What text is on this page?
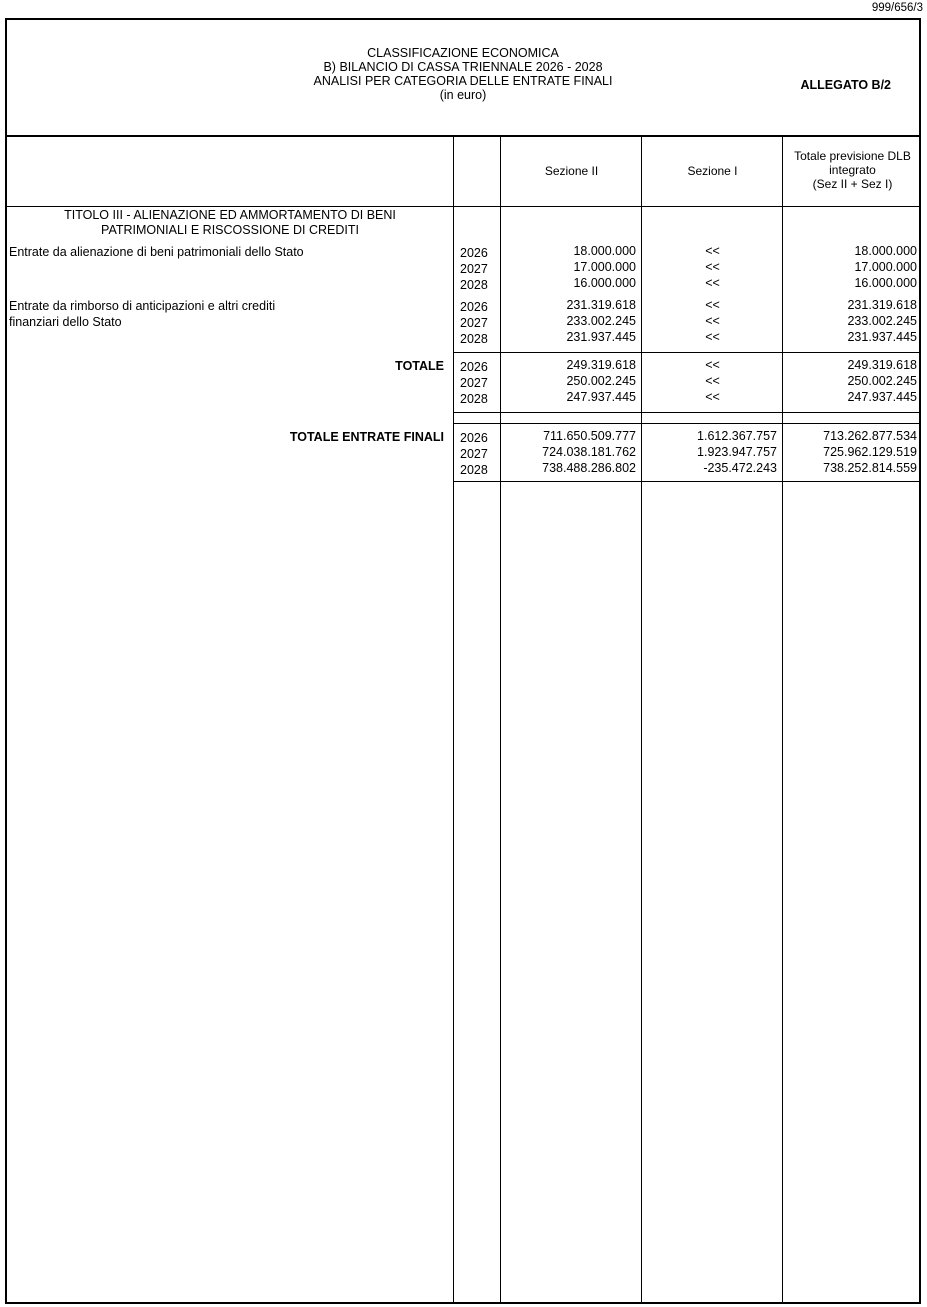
999/656/3
CLASSIFICAZIONE ECONOMICA
B) BILANCIO DI CASSA TRIENNALE 2026 - 2028
ANALISI PER CATEGORIA DELLE ENTRATE FINALI
(in euro)
ALLEGATO B/2
Sezione II	Sezione I
Totale previsione DLB
integrato
(Sez II + Sez I)
TITOLO III - ALIENAZIONE ED AMMORTAMENTO DI BENI
PATRIMONIALI E RISCOSSIONE DI CREDITI
Entrate da alienazione di beni patrimoniali dello Stato	2026
2027
2028
18.000.000
17.000.000
16.000.000
<<
<<
<<
18.000.000
17.000.000
16.000.000
Entrate da rimborso di anticipazioni e altri crediti
finanziari dello Stato
2026
2027
2028
231.319.618
233.002.245
231.937.445
<<
<<
<<
231.319.618
233.002.245
231.937.445
TOTALE 2026
2027
2028
249.319.618
250.002.245
247.937.445
<<
<<
<<
249.319.618
250.002.245
247.937.445
TOTALE ENTRATE FINALI 2026
2027
2028
711.650.509.777
724.038.181.762
738.488.286.802
1.612.367.757
1.923.947.757
-235.472.243
713.262.877.534
725.962.129.519
738.252.814.559
